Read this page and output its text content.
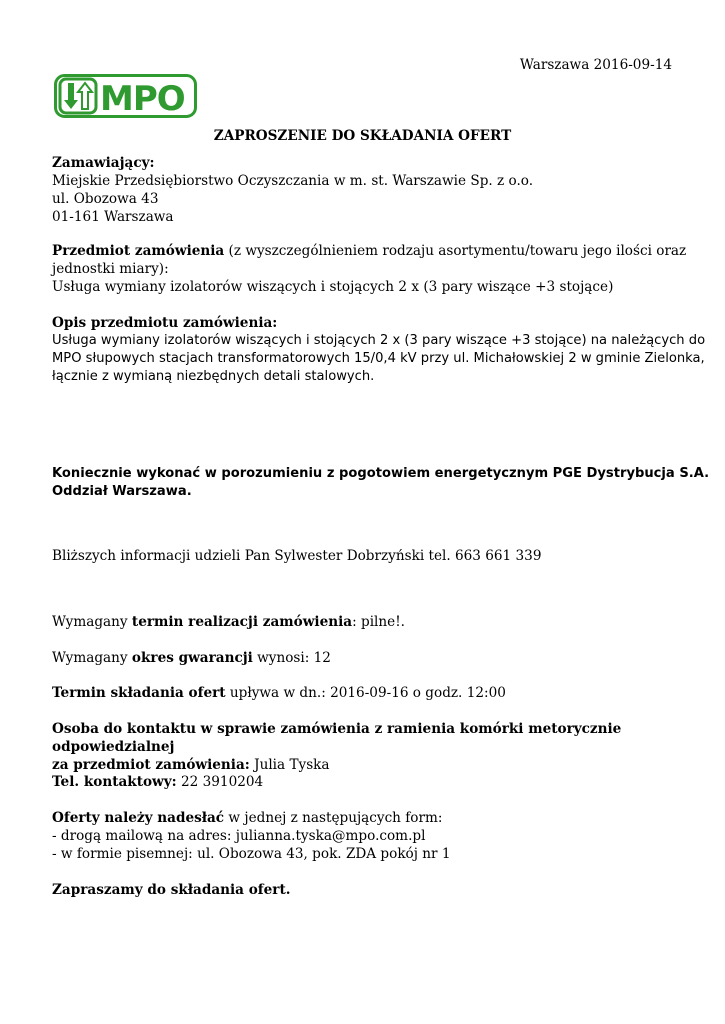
Warszawa 2016-09-14
MPO
ZAPROSZENIE DO SKŁADANIA OFERT
Zamawiający:
Miejskie Przedsiębiorstwo Oczyszczania w m. st. Warszawie Sp. z o.o.
ul. Obozowa 43
01-161 Warszawa
Przedmiot zamówienia (z wyszczególnieniem rodzaju asortymentu/towaru jego ilości oraz
jednostki miary):
Usługa wymiany izolatorów wiszących i stojących 2 x (3 pary wiszące +3 stojące)
Opis przedmiotu zamówienia:
Usługa wymiany izolatorów wiszących i stojących 2 x (3 pary wiszące +3 stojące) na należących do
MPO słupowych stacjach transformatorowych 15/0,4 kV przy ul. Michałowskiej 2 w gminie Zielonka,
łącznie z wymianą niezbędnych detali stalowych.
Koniecznie wykonać w porozumieniu z pogotowiem energetycznym PGE Dystrybucja S.A.
Oddział Warszawa.
Bliższych informacji udzieli Pan Sylwester Dobrzyński tel. 663 661 339
Wymagany termin realizacji zamówienia: pilne!.
Wymagany okres gwarancji wynosi: 12
Termin składania ofert upływa w dn.: 2016-09-16 o godz. 12:00
Osoba do kontaktu w sprawie zamówienia z ramienia komórki metorycznie odpowiedzialnej
za przedmiot zamówienia: Julia Tyska
Tel. kontaktowy: 22 3910204
Oferty należy nadesłać w jednej z następujących form:
- drogą mailową na adres: julianna.tyska@mpo.com.pl
- w formie pisemnej: ul. Obozowa 43, pok. ZDA pokój nr 1
Zapraszamy do składania ofert.
